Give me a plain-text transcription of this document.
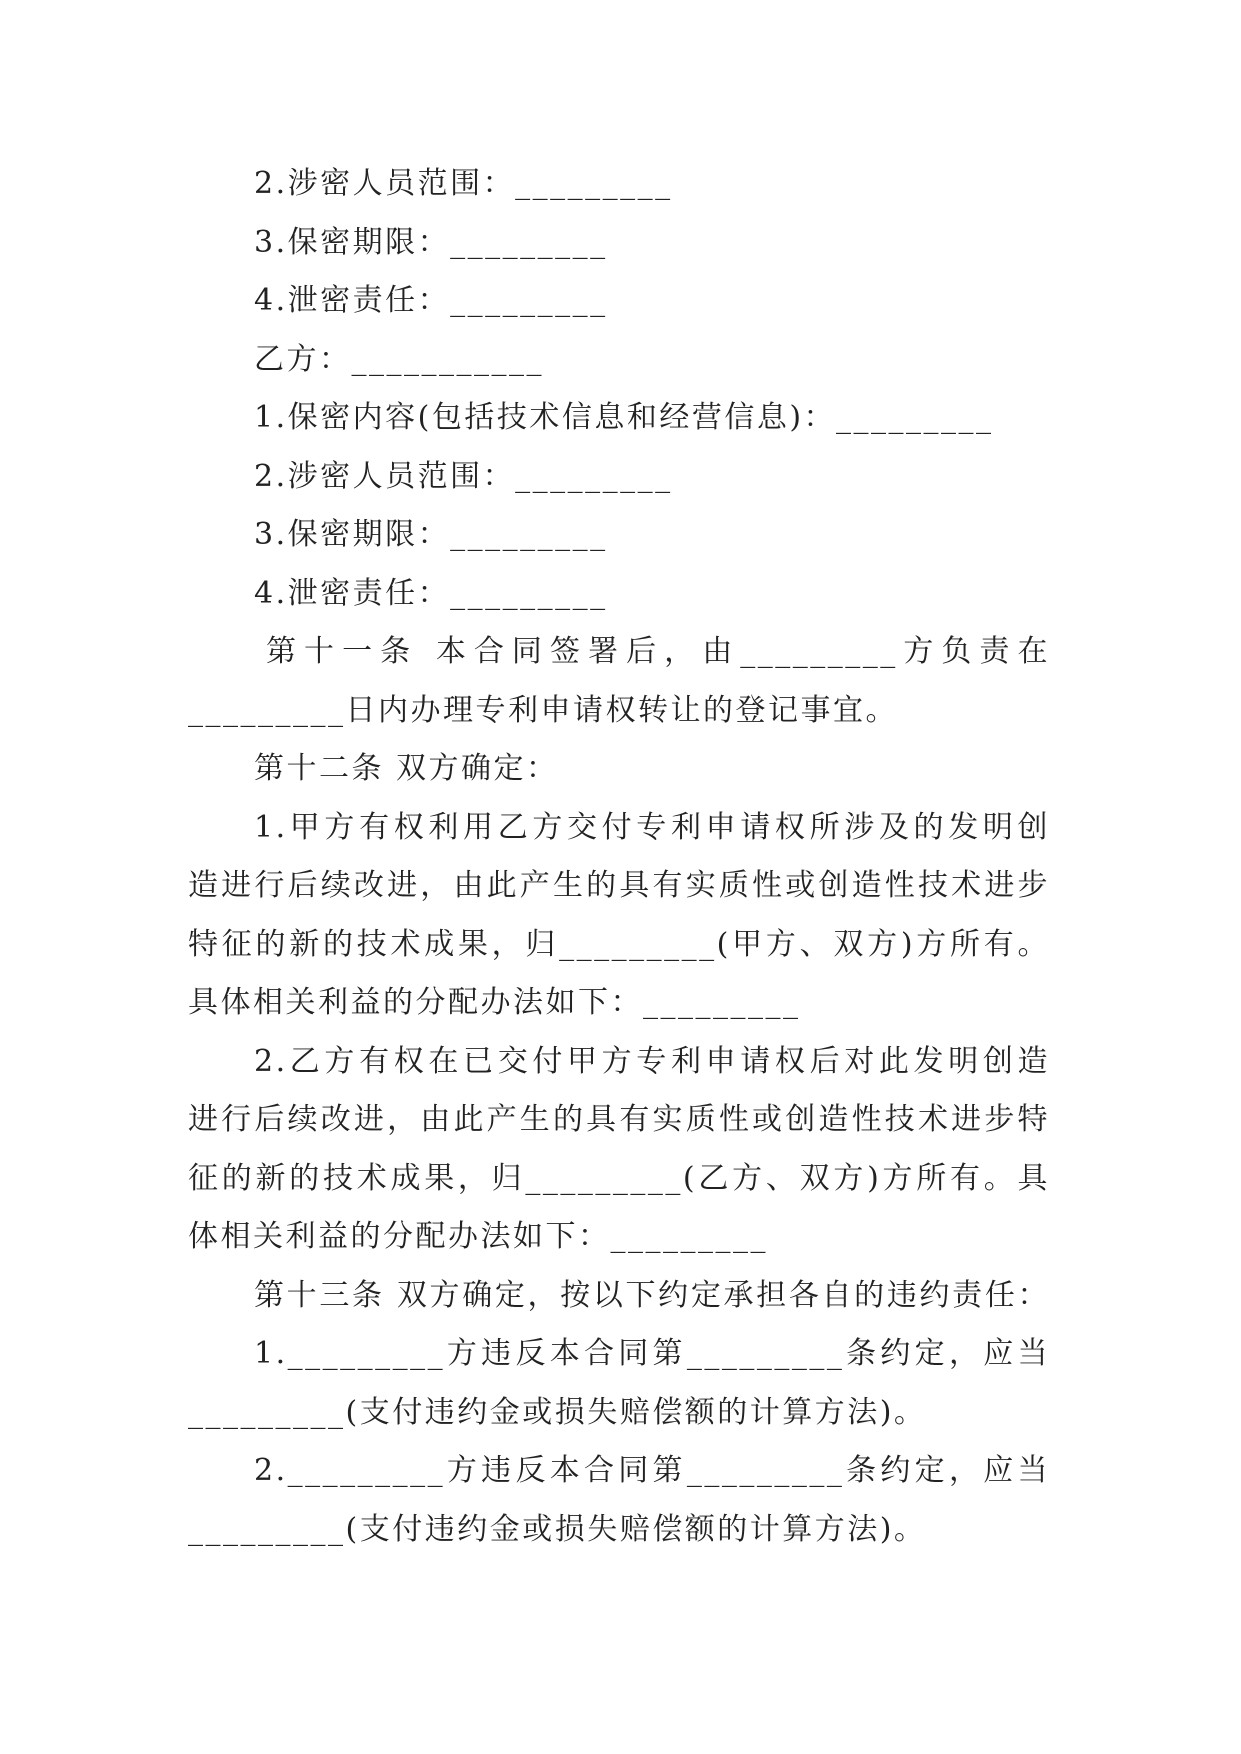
2.涉密人员范围：_________

3.保密期限：_________

4.泄密责任：_________

乙方：___________

1.保密内容(包括技术信息和经营信息)：_________

2.涉密人员范围：_________

3.保密期限：_________

4.泄密责任：_________

第十一条 本合同签署后，由_________方负责在

_________日内办理专利申请权转让的登记事宜。

第十二条 双方确定：

1.甲方有权利用乙方交付专利申请权所涉及的发明创

造进行后续改进，由此产生的具有实质性或创造性技术进步

特征的新的技术成果，归_________(甲方、双方)方所有。

具体相关利益的分配办法如下：_________

2.乙方有权在已交付甲方专利申请权后对此发明创造

进行后续改进，由此产生的具有实质性或创造性技术进步特

征的新的技术成果，归_________(乙方、双方)方所有。具

体相关利益的分配办法如下：_________

第十三条 双方确定，按以下约定承担各自的违约责任：

1._________方违反本合同第_________条约定，应当

_________(支付违约金或损失赔偿额的计算方法)。

2._________方违反本合同第_________条约定，应当

_________(支付违约金或损失赔偿额的计算方法)。
